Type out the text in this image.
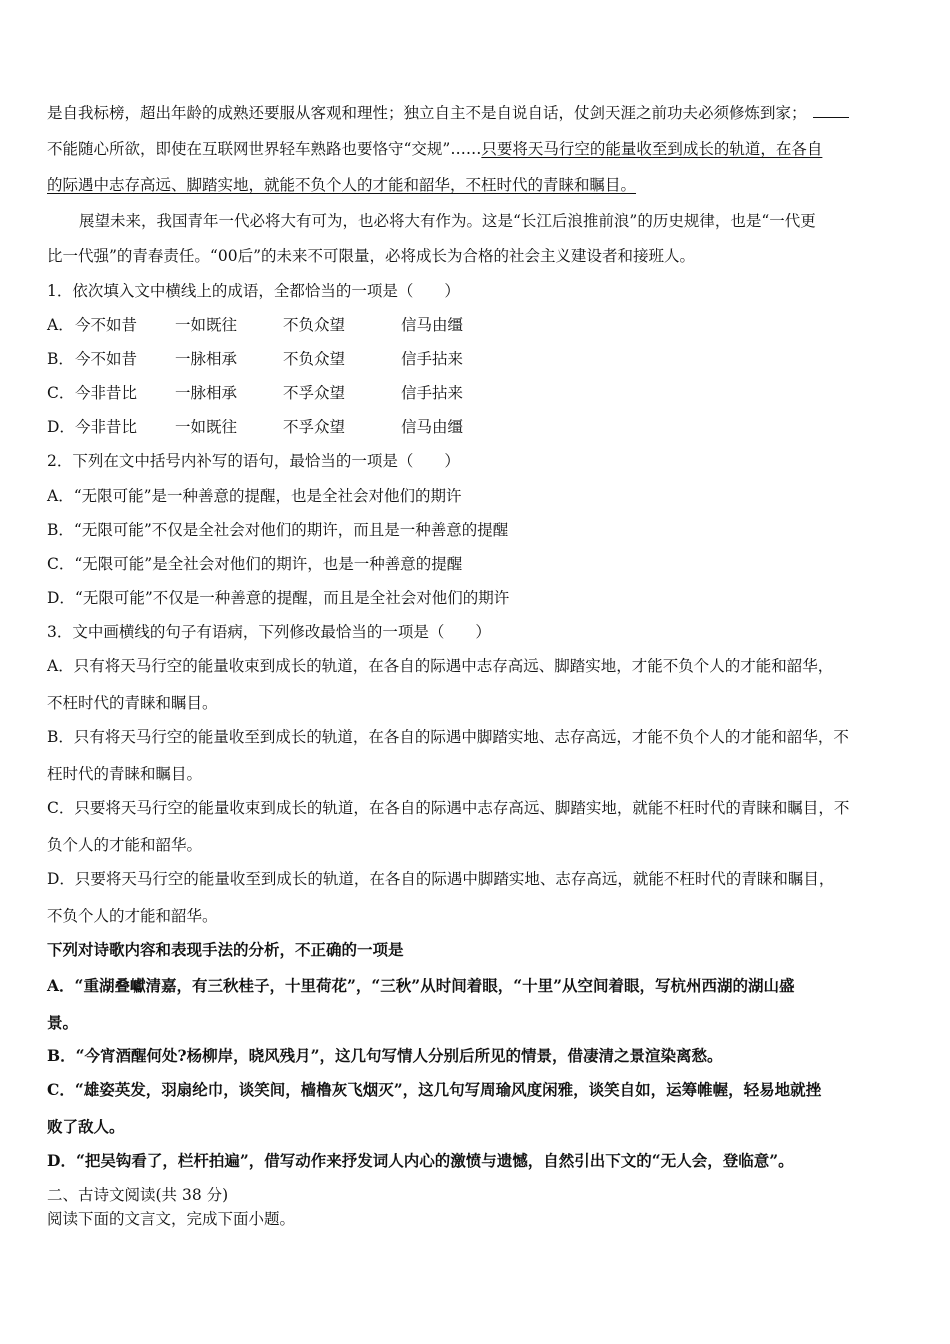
是自我标榜，超出年龄的成熟还要服从客观和理性；独立自主不是自说自话，仗剑天涯之前功夫必须修炼到家；
不能随心所欲，即使在互联网世界轻车熟路也要恪守“交规”……只要将天马行空的能量收至到成长的轨道，在各自
的际遇中志存高远、脚踏实地，就能不负个人的才能和韶华，不枉时代的青睐和瞩目。
展望未来，我国青年一代必将大有可为，也必将大有作为。这是“长江后浪推前浪”的历史规律，也是“一代更
比一代强”的青春责任。“00后”的未来不可限量，必将成长为合格的社会主义建设者和接班人。
1．依次填入文中横线上的成语，全都恰当的一项是（　　）
A．今不如昔 一如既往	不负众望	信马由缰
B．今不如昔 一脉相承	不负众望	信手拈来
C．今非昔比 一脉相承	不孚众望	信手拈来
D．今非昔比 一如既往	不孚众望	信马由缰
2．下列在文中括号内补写的语句，最恰当的一项是（　　）
A．“无限可能”是一种善意的提醒，也是全社会对他们的期许
B．“无限可能”不仅是全社会对他们的期许，而且是一种善意的提醒
C．“无限可能”是全社会对他们的期许，也是一种善意的提醒
D．“无限可能”不仅是一种善意的提醒，而且是全社会对他们的期许
3．文中画横线的句子有语病，下列修改最恰当的一项是（　　）
A．只有将天马行空的能量收束到成长的轨道，在各自的际遇中志存高远、脚踏实地，才能不负个人的才能和韶华，
不枉时代的青睐和瞩目。
B．只有将天马行空的能量收至到成长的轨道，在各自的际遇中脚踏实地、志存高远，才能不负个人的才能和韶华，不
枉时代的青睐和瞩目。
C．只要将天马行空的能量收束到成长的轨道，在各自的际遇中志存高远、脚踏实地，就能不枉时代的青睐和瞩目，不
负个人的才能和韶华。
D．只要将天马行空的能量收至到成长的轨道，在各自的际遇中脚踏实地、志存高远，就能不枉时代的青睐和瞩目，
不负个人的才能和韶华。
下列对诗歌内容和表现手法的分析，不正确的一项是
A．“重湖叠巘清嘉，有三秋桂子，十里荷花”，“三秋”从时间着眼，“十里”从空间着眼，写杭州西湖的湖山盛
景。
B．“今宵酒醒何处?杨柳岸，晓风残月”，这几句写情人分别后所见的情景，借凄清之景渲染离愁。
C．“雄姿英发，羽扇纶巾，谈笑间，樯橹灰飞烟灭”，这几句写周瑜风度闲雅，谈笑自如，运筹帷幄，轻易地就挫
败了敌人。
D．“把吴钩看了，栏杆拍遍”，借写动作来抒发词人内心的激愤与遗憾，自然引出下文的“无人会，登临意”。
二、古诗文阅读(共 38 分)
阅读下面的文言文，完成下面小题。
